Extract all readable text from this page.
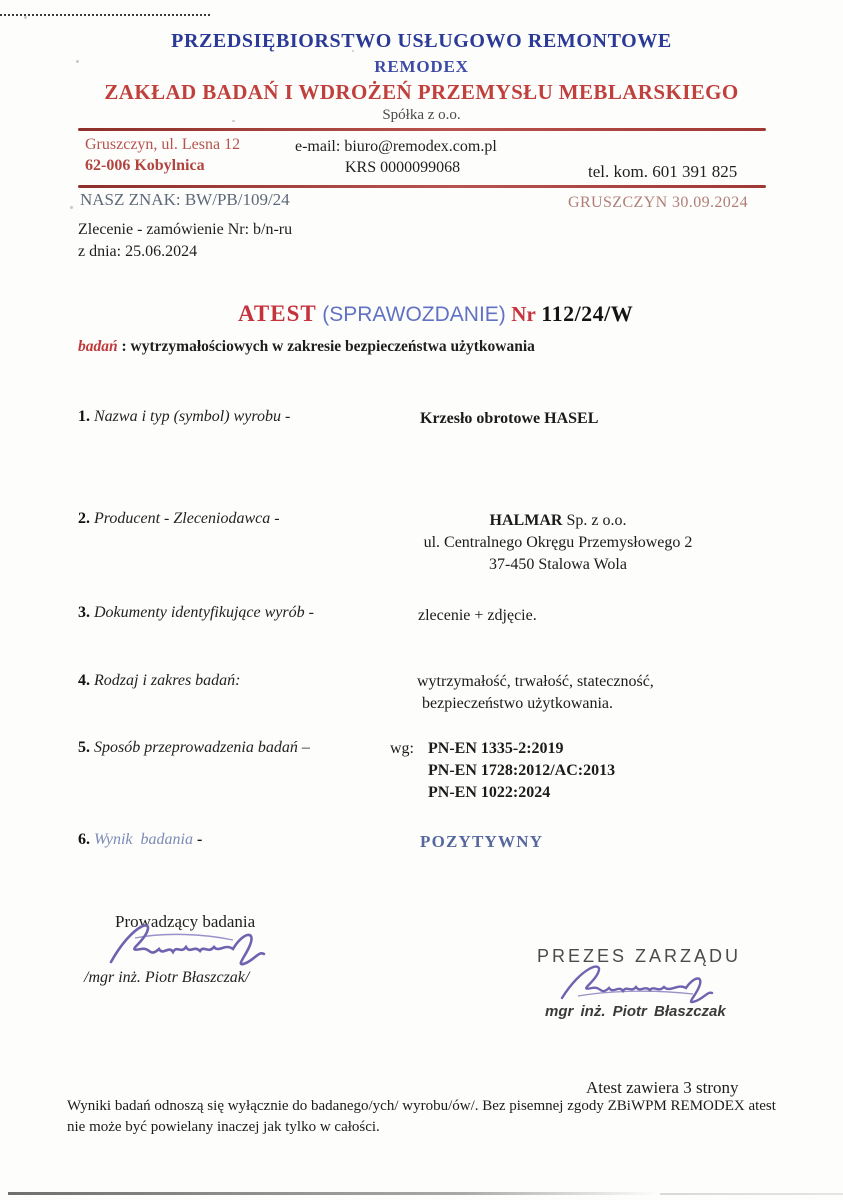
PRZEDSIĘBIORSTWO USŁUGOWO REMONTOWE
REMODEX
ZAKŁAD BADAŃ I WDROŻEŃ PRZEMYSŁU MEBLARSKIEGO
Spółka z o.o.
Gruszczyn, ul. Lesna 12
62-006 Kobylnica
e-mail: biuro@remodex.com.pl
KRS 0000099068	tel. kom. 601 391 825
NASZ ZNAK: BW/PB/109/24	GRUSZCZYN 30.09.2024
Zlecenie - zamówienie Nr: b/n-ru
z dnia: 25.06.2024
ATEST (SPRAWOZDANIE) Nr 112/24/W
badań : wytrzymałościowych w zakresie bezpieczeństwa użytkowania
1. Nazwa i typ (symbol) wyrobu -	Krzesło obrotowe HASEL
2. Producent - Zleceniodawca -	HALMAR Sp. z o.o.
ul. Centralnego Okręgu Przemysłowego 2
37-450 Stalowa Wola
3. Dokumenty identyfikujące wyrób -	zlecenie + zdjęcie.
4. Rodzaj i zakres badań:	wytrzymałość, trwałość, stateczność,
bezpieczeństwo użytkowania.
5. Sposób przeprowadzenia badań –	wg: PN-EN 1335-2:2019
PN-EN 1728:2012/AC:2013
PN-EN 1022:2024
6. Wynik badania -	POZYTYWNY
Prowadzący badania
/mgr inż. Piotr Błaszczak/
PREZES ZARZĄDU
mgr inż. Piotr Błaszczak
Atest zawiera 3 strony
Wyniki badań odnoszą się wyłącznie do badanego/ych/ wyrobu/ów/. Bez pisemnej zgody ZBiWPM REMODEX atest nie może być powielany inaczej jak tylko w całości.
